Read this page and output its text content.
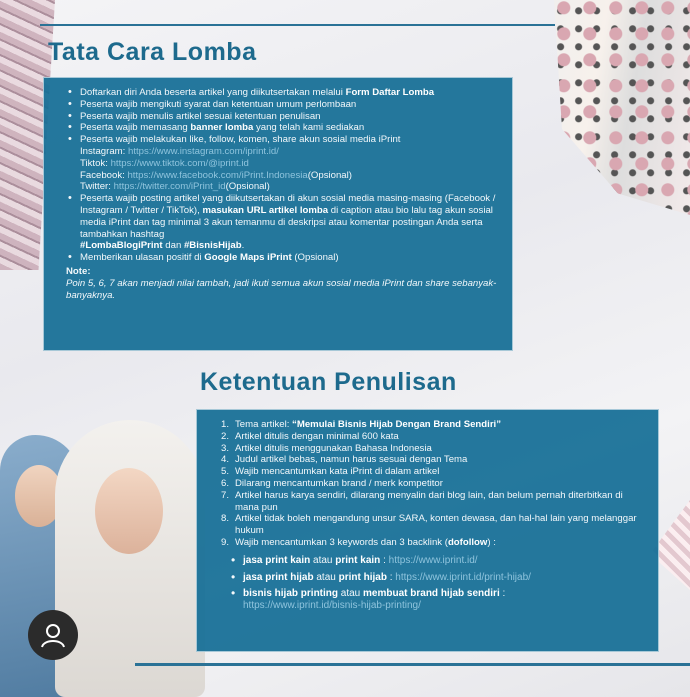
Tata Cara Lomba
• Doftarkan diri Anda beserta artikel yang diikutsertakan melalui Form Daftar Lomba
• Peserta wajib mengikuti syarat dan ketentuan umum perlombaan
• Peserta wajib menulis artikel sesuai ketentuan penulisan
• Peserta wajib memasang banner lomba yang telah kami sediakan
• Peserta wajib melakukan like, follow, komen, share akun sosial media iPrint
Instagram: https://www.instagram.com/iprint.id/
Tiktok: https://www.tiktok.com/@iprint.id
Facebook: https://www.facebook.com/iPrint.Indonesia(Opsional)
Twitter: https://twitter.com/iPrint_id(Opsional)
• Peserta wajib posting artikel yang diikutsertakan di akun sosial media masing-masing (Facebook / Instagram / Twitter / TikTok), masukan URL artikel lomba di caption atau bio lalu tag akun sosial media iPrint dan tag minimal 3 akun temanmu di deskripsi atau komentar postingan Anda serta tambahkan hashtag
#LombaBlogiPrint dan #BisnisHijab.
• Memberikan ulasan positif di Google Maps iPrint (Opsional)
Note:
Poin 5, 6, 7 akan menjadi nilai tambah, jadi ikuti semua akun sosial media iPrint dan share sebanyak-banyaknya.
Ketentuan Penulisan
1. Tema artikel: “Memulai Bisnis Hijab Dengan Brand Sendiri”
2. Artikel ditulis dengan minimal 600 kata
3. Artikel ditulis menggunakan Bahasa Indonesia
4. Judul artikel bebas, namun harus sesuai dengan Tema
5. Wajib mencantumkan kata iPrint di dalam artikel
6. Dilarang mencantumkan brand / merk kompetitor
7. Artikel harus karya sendiri, dilarang menyalin dari blog lain, dan belum pernah diterbitkan di mana pun
8. Artikel tidak boleh mengandung unsur SARA, konten dewasa, dan hal-hal lain yang melanggar hukum
9. Wajib mencantumkan 3 keywords dan 3 backlink (dofollow) :
• jasa print kain atau print kain : https://www.iprint.id/
• jasa print hijab atau print hijab : https://www.iprint.id/print-hijab/
• bisnis hijab printing atau membuat brand hijab sendiri :
https://www.iprint.id/bisnis-hijab-printing/
